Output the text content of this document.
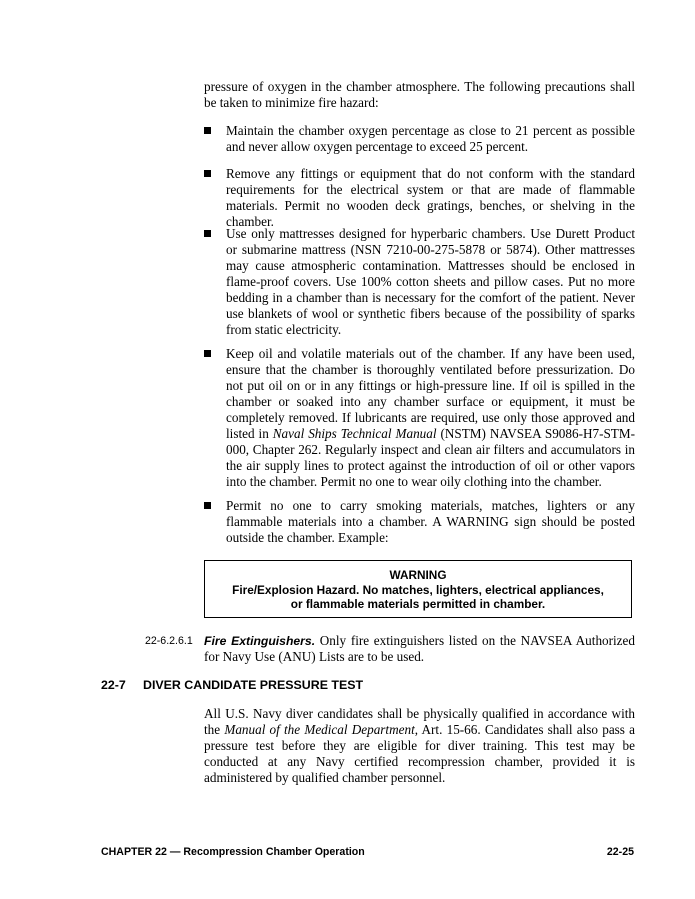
pressure of oxygen in the chamber atmosphere. The following precautions shall be taken to minimize fire hazard:
Maintain the chamber oxygen percentage as close to 21 percent as possible and never allow oxygen percentage to exceed 25 percent.
Remove any fittings or equipment that do not conform with the standard requirements for the electrical system or that are made of flammable materials. Permit no wooden deck gratings, benches, or shelving in the chamber.
Use only mattresses designed for hyperbaric chambers. Use Durett Product or submarine mattress (NSN 7210-00-275-5878 or 5874). Other mattresses may cause atmospheric contamination. Mattresses should be enclosed in flame-proof covers. Use 100% cotton sheets and pillow cases. Put no more bedding in a chamber than is necessary for the comfort of the patient. Never use blankets of wool or synthetic fibers because of the possibility of sparks from static electricity.
Keep oil and volatile materials out of the chamber. If any have been used, ensure that the chamber is thoroughly ventilated before pressurization. Do not put oil on or in any fittings or high-pressure line. If oil is spilled in the chamber or soaked into any chamber surface or equipment, it must be completely removed. If lubricants are required, use only those approved and listed in Naval Ships Technical Manual (NSTM) NAVSEA S9086-H7-STM-000, Chapter 262. Regularly inspect and clean air filters and accumulators in the air supply lines to protect against the introduction of oil or other vapors into the chamber. Permit no one to wear oily clothing into the chamber.
Permit no one to carry smoking materials, matches, lighters or any flammable materials into a chamber. A WARNING sign should be posted outside the chamber. Example:
WARNING
Fire/Explosion Hazard. No matches, lighters, electrical appliances,
or flammable materials permitted in chamber.
22-6.2.6.1 Fire Extinguishers. Only fire extinguishers listed on the NAVSEA Authorized for Navy Use (ANU) Lists are to be used.
22-7 DIVER CANDIDATE PRESSURE TEST
All U.S. Navy diver candidates shall be physically qualified in accordance with the Manual of the Medical Department, Art. 15-66. Candidates shall also pass a pressure test before they are eligible for diver training. This test may be conducted at any Navy certified recompression chamber, provided it is administered by qualified chamber personnel.
CHAPTER 22 — Recompression Chamber Operation	22-25
